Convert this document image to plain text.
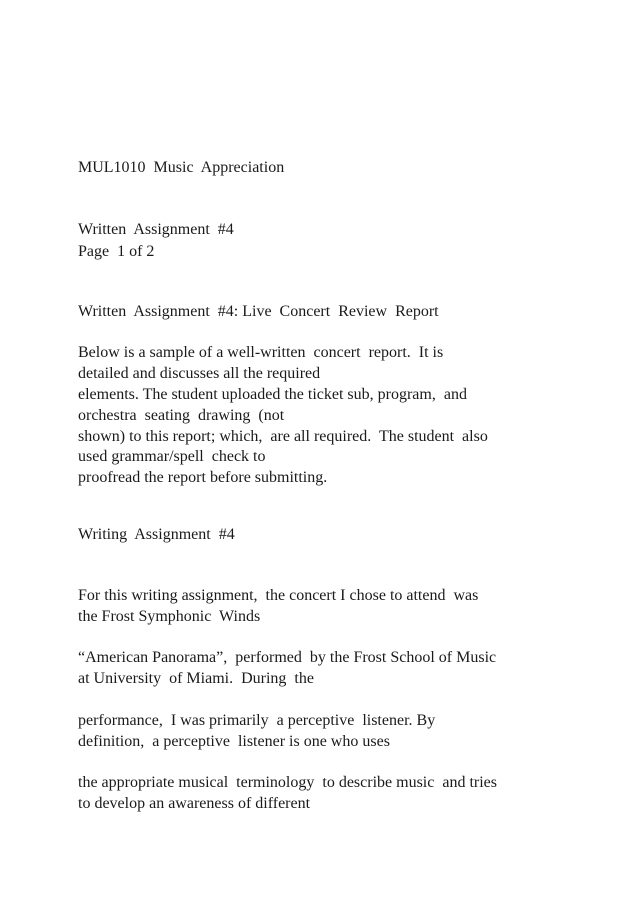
MUL1010  Music  Appreciation

Written  Assignment  #4

Page  1 of 2

Written  Assignment  #4: Live  Concert  Review  Report

Below is a sample of a well-written  concert  report.  It is

detailed and discusses all the required

elements. The student uploaded the ticket sub, program,  and

orchestra  seating  drawing  (not

shown) to this report; which,  are all required.  The student  also

used grammar/spell  check to

proofread the report before submitting.

Writing  Assignment  #4

For this writing assignment,  the concert I chose to attend  was

the Frost Symphonic  Winds

“American Panorama”,  performed  by the Frost School of Music

at University  of Miami.  During  the

performance,  I was primarily  a perceptive  listener. By

definition,  a perceptive  listener is one who uses

the appropriate musical  terminology  to describe music  and tries

to develop an awareness of different
